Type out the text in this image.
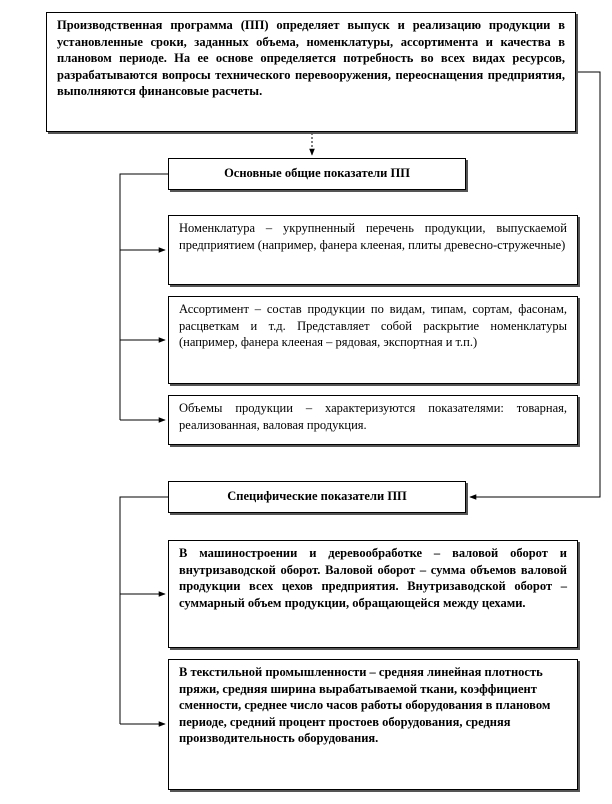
Производственная программа (ПП) определяет выпуск и реализацию продукции в установленные сроки, заданных объема, номенклатуры, ассортимента и качества в плановом периоде. На ее основе определяется потребность во всех видах ресурсов, разрабатываются вопросы технического перевооружения, переоснащения предприятия, выполняются финансовые расчеты.
Основные общие показатели ПП
Номенклатура – укрупненный перечень продукции, выпускаемой предприятием (например, фанера клееная, плиты древесно-стружечные)
Ассортимент – состав продукции по видам, типам, сортам, фасонам, расцветкам и т.д. Представляет собой раскрытие номенклатуры (например, фанера клееная – рядовая, экспортная и т.п.)
Объемы продукции – характеризуются показателями: товарная, реализованная, валовая продукция.
Специфические показатели ПП
В машиностроении и деревообработке – валовой оборот и внутризаводской оборот. Валовой оборот – сумма объемов валовой продукции всех цехов предприятия. Внутризаводской оборот – суммарный объем продукции, обращающейся между цехами.
В текстильной промышленности – средняя линейная плотность пряжи, средняя ширина вырабатываемой ткани, коэффициент сменности, среднее число часов работы оборудования в плановом периоде, средний процент простоев оборудования, средняя производительность оборудования.
